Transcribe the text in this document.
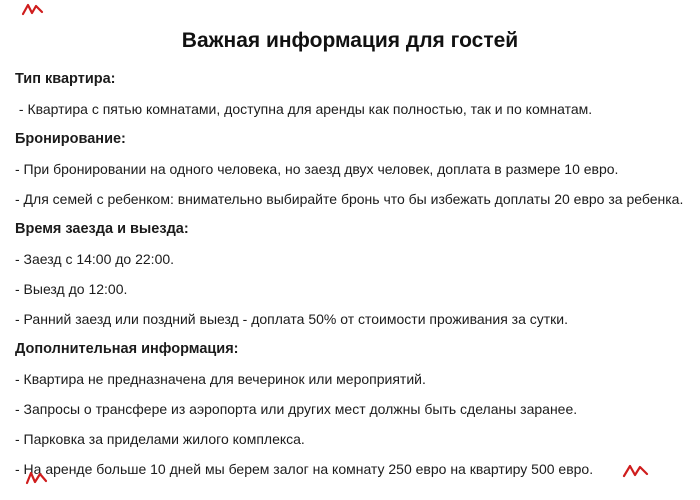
Важная информация для гостей
Тип квартира:

- Квартира с пятью комнатами, доступна для аренды как полностью, так и по комнатам.

Бронирование:

- При бронировании на одного человека, но заезд двух человек, доплата в размере 10 евро.

- Для семей с ребенком: внимательно выбирайте бронь что бы избежать доплаты 20 евро за ребенка.

Время заезда и выезда:

- Заезд с 14:00 до 22:00.

- Выезд до 12:00.

- Ранний заезд или поздний выезд - доплата 50% от стоимости проживания за сутки.

Дополнительная информация:

- Квартира не предназначена для вечеринок или мероприятий.

- Запросы о трансфере из аэропорта или других мест должны быть сделаны заранее.

- Парковка за приделами жилого комплекса.

- На аренде больше 10 дней мы берем залог на комнату 250 евро на квартиру 500 евро.
